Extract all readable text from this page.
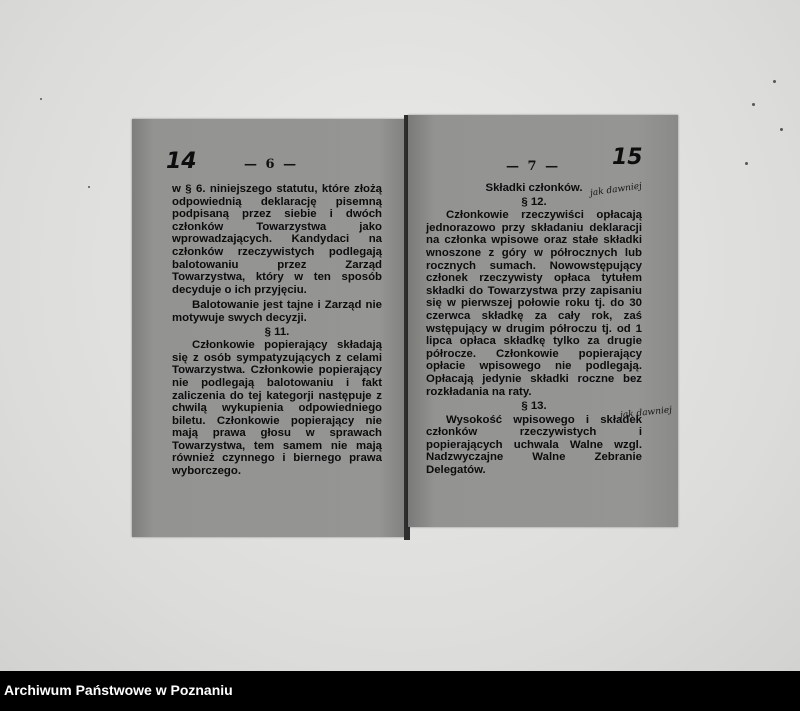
14	— 6 —

w § 6. niniejszego statutu, które złożą odpowiednią deklarację pisemną podpisaną przez siebie i dwóch członków Towarzystwa jako wprowadzających. Kandydaci na członków rzeczywistych podlegają balotowaniu przez Zarząd Towarzystwa, który w ten sposób decyduje o ich przyjęciu.

Balotowanie jest tajne i Zarząd nie motywuje swych decyzji.

§ 11.

Członkowie popierający składają się z osób sympatyzujących z celami Towarzystwa. Członkowie popierający nie podlegają balotowaniu i fakt zaliczenia do tej kategorji następuje z chwilą wykupienia odpowiedniego biletu. Członkowie popierający nie mają prawa głosu w sprawach Towarzystwa, tem samem nie mają również czynnego i biernego prawa wyborczego.

— 7 — 15

Składki członków.

§ 12.

Członkowie rzeczywiści opłacają jednorazowo przy składaniu deklaracji na członka wpisowe oraz stałe składki wnoszone z góry w półrocznych lub rocznych sumach. Nowowstępujący członek rzeczywisty opłaca tytułem składki do Towarzystwa przy zapisaniu się w pierwszej połowie roku tj. do 30 czerwca składkę za cały rok, zaś wstępujący w drugim półroczu tj. od 1 lipca opłaca składkę tylko za drugie półrocze. Członkowie popierający opłacie wpisowego nie podlegają. Opłacają jedynie składki roczne bez rozkładania na raty.

§ 13.

Wysokość wpisowego i składek członków rzeczywistych i popierających uchwala Walne wzgl. Nadzwyczajne Walne Zebranie Delegatów.

jak dawniej
jak dawniej
Archiwum Państwowe w Poznaniu
